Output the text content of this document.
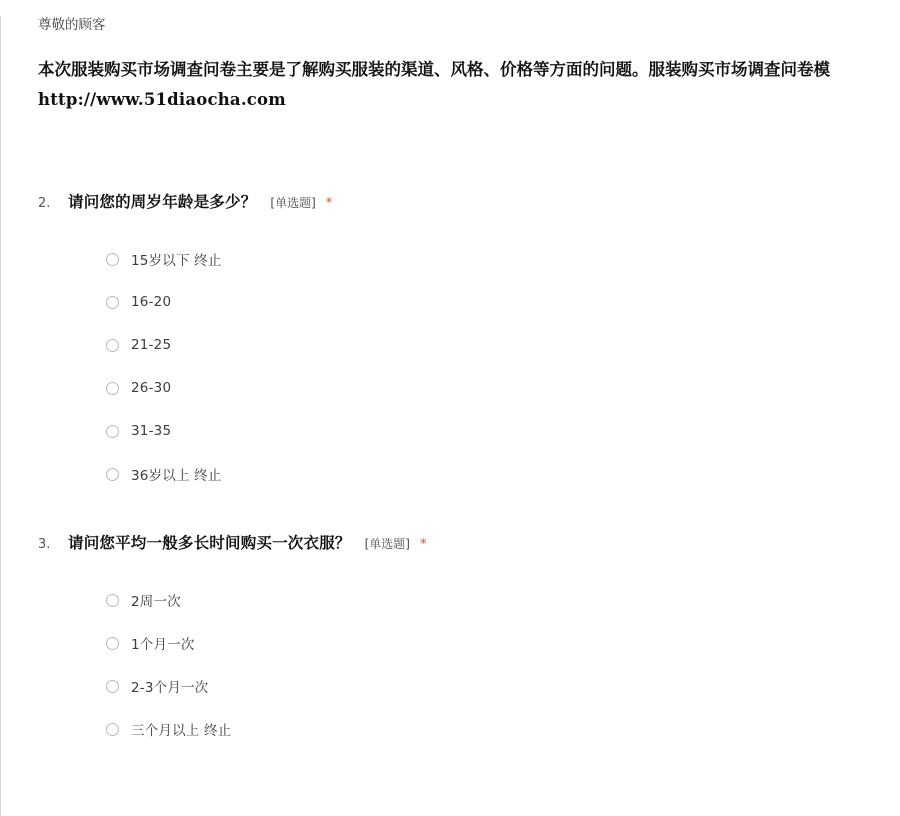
尊敬的顾客
本次服装购买市场调查问卷主要是了解购买服装的渠道、风格、价格等方面的问题。服装购买市场调查问卷模
http://www.51diaocha.com
2.	请问您的周岁年龄是多少？ [单选题] *
15岁以下 终止
16-20
21-25
26-30
31-35
36岁以上 终止
3.	请问您平均一般多长时间购买一次衣服？ [单选题] *
2周一次
1个月一次
2-3个月一次
三个月以上 终止
